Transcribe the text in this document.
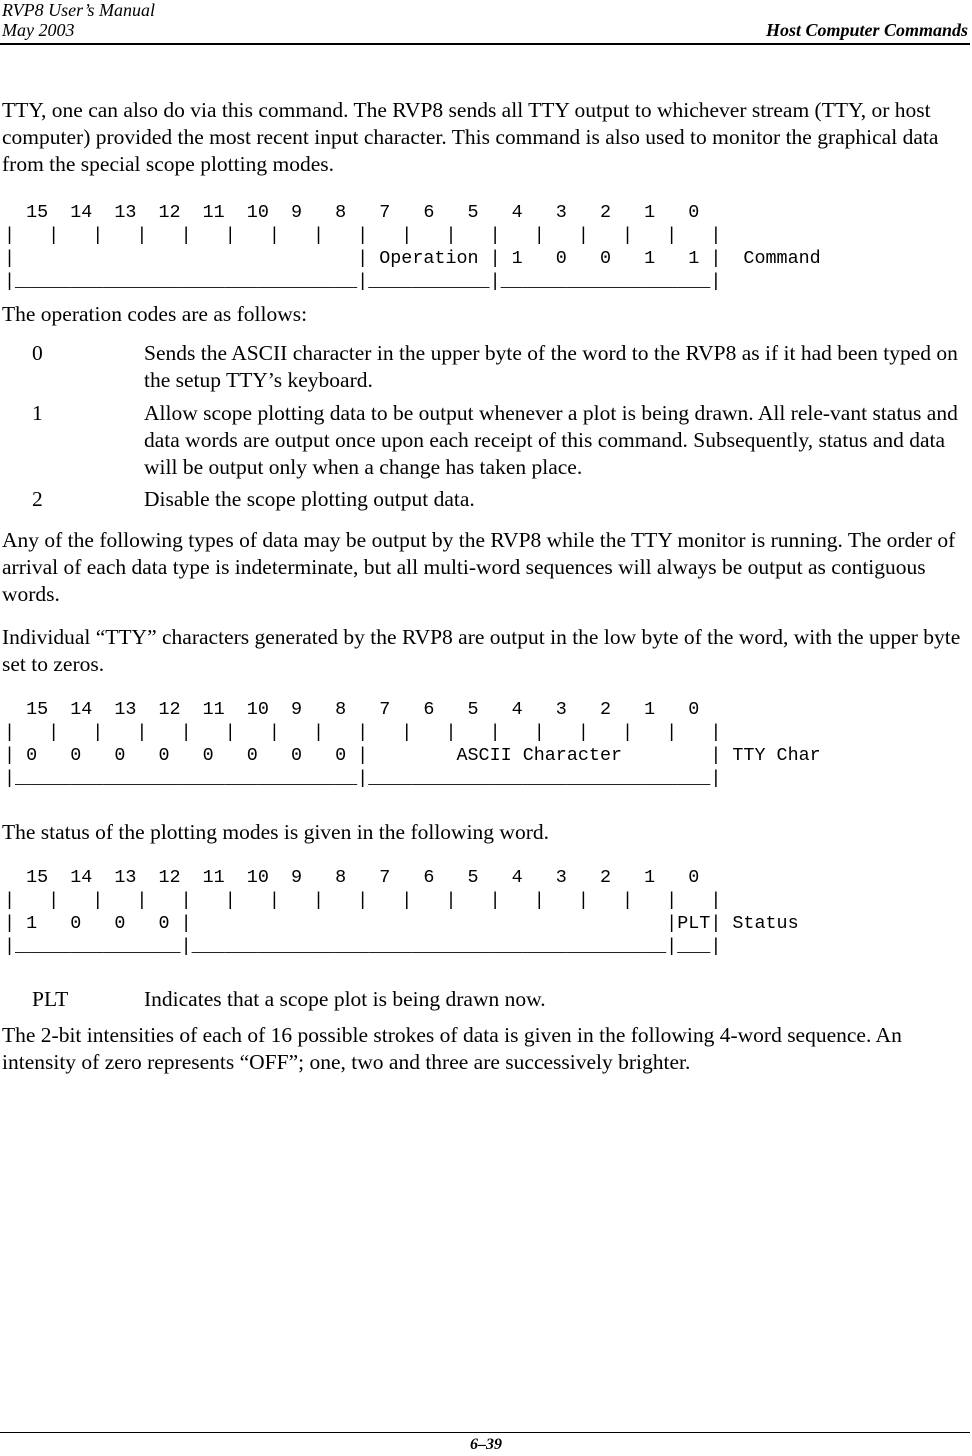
RVP8 User’s Manual
May 2003	Host Computer Commands

TTY, one can also do via this command. The RVP8 sends all TTY output to whichever stream (TTY, or host computer) provided the most recent input character. This command is also used to monitor the graphical data from the special scope plotting modes.

15  14  13  12  11  10  9   8   7   6   5   4   3   2   1   0
|   |   |   |   |   |   |   |   |   |   |   |   |   |   |   |   |
|                               | Operation | 1   0   0   1   1 |  Command
|_______________________________|___________|___________________|

The operation codes are as follows:

0	Sends the ASCII character in the upper byte of the word to the RVP8 as if it had been typed on the setup TTY’s keyboard.
1	Allow scope plotting data to be output whenever a plot is being drawn. All rele-vant status and data words are output once upon each receipt of this command. Subsequently, status and data will be output only when a change has taken place.
2	Disable the scope plotting output data.

Any of the following types of data may be output by the RVP8 while the TTY monitor is running. The order of arrival of each data type is indeterminate, but all multi-word sequences will always be output as contiguous words.

Individual “TTY” characters generated by the RVP8 are output in the low byte of the word, with the upper byte set to zeros.

15  14  13  12  11  10  9   8   7   6   5   4   3   2   1   0
|   |   |   |   |   |   |   |   |   |   |   |   |   |   |   |   |
| 0   0   0   0   0   0   0   0 |        ASCII Character        | TTY Char
|_______________________________|_______________________________|

The status of the plotting modes is given in the following word.

15  14  13  12  11  10  9   8   7   6   5   4   3   2   1   0
|   |   |   |   |   |   |   |   |   |   |   |   |   |   |   |   |
| 1   0   0   0 |                                           |PLT| Status
|_______________|___________________________________________|___|
PLT	Indicates that a scope plot is being drawn now.

The 2-bit intensities of each of 16 possible strokes of data is given in the following 4-word sequence. An intensity of zero represents “OFF”; one, two and three are successively brighter.

6–39
